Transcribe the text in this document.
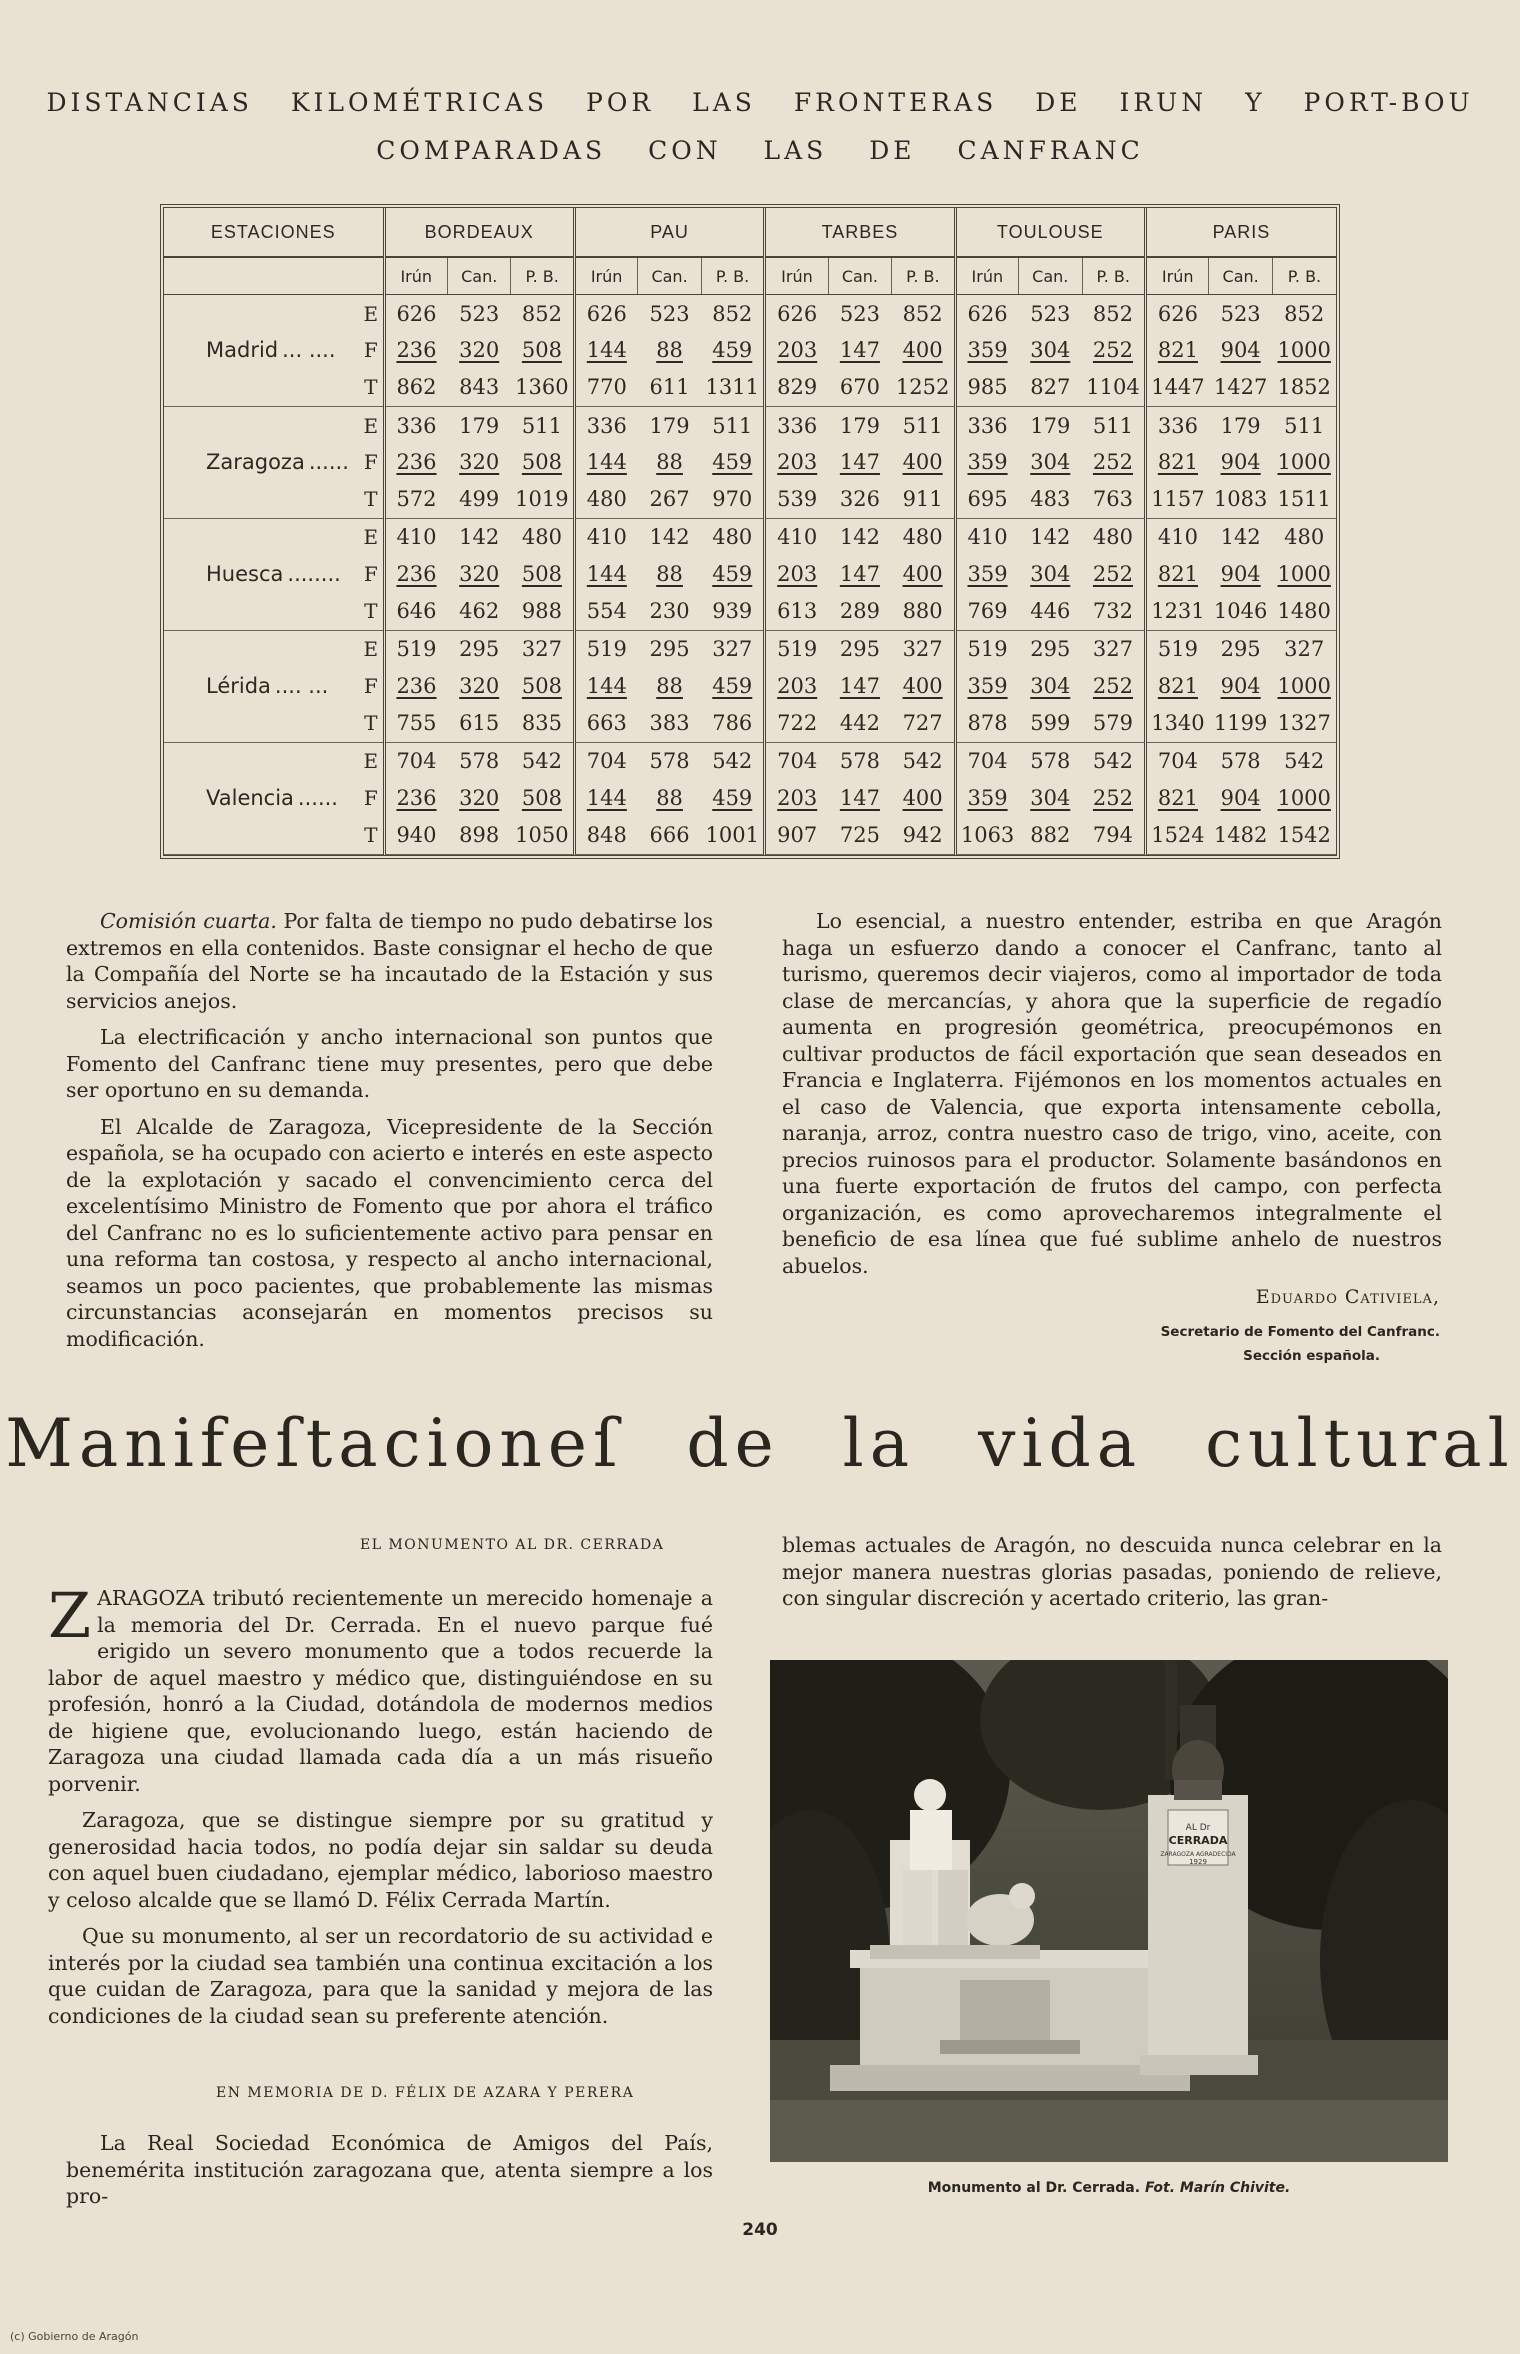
DISTANCIAS KILOMÉTRICAS POR LAS FRONTERAS DE IRUN Y PORT-BOU
COMPARADAS CON LAS DE CANFRANC
ESTACIONES		BORDEAUX			PAU			TARBES			TOULOUSE			PARIS		
		Irún	Can.	P. B.	Irún	Can.	P. B.	Irún	Can.	P. B.	Irún	Can.	P. B.	Irún	Can.	P. B.
Madrid ... ....	E	626	523	852	626	523	852	626	523	852	626	523	852	626	523	852
	F	236	320	508	144	88	459	203	147	400	359	304	252	821	904	1000
	T	862	843	1360	770	611	1311	829	670	1252	985	827	1104	1447	1427	1852
Zaragoza ......	E	336	179	511	336	179	511	336	179	511	336	179	511	336	179	511
	F	236	320	508	144	88	459	203	147	400	359	304	252	821	904	1000
	T	572	499	1019	480	267	970	539	326	911	695	483	763	1157	1083	1511
Huesca ........	E	410	142	480	410	142	480	410	142	480	410	142	480	410	142	480
	F	236	320	508	144	88	459	203	147	400	359	304	252	821	904	1000
	T	646	462	988	554	230	939	613	289	880	769	446	732	1231	1046	1480
Lérida .... ...	E	519	295	327	519	295	327	519	295	327	519	295	327	519	295	327
	F	236	320	508	144	88	459	203	147	400	359	304	252	821	904	1000
	T	755	615	835	663	383	786	722	442	727	878	599	579	1340	1199	1327
Valencia ......	E	704	578	542	704	578	542	704	578	542	704	578	542	704	578	542
	F	236	320	508	144	88	459	203	147	400	359	304	252	821	904	1000
	T	940	898	1050	848	666	1001	907	725	942	1063	882	794	1524	1482	1542

Comisión cuarta. Por falta de tiempo no pudo debatirse los extremos en ella contenidos. Baste consignar el hecho de que la Compañía del Norte se ha incautado de la Estación y sus servicios anejos.

La electrificación y ancho internacional son puntos que Fomento del Canfranc tiene muy presentes, pero que debe ser oportuno en su demanda.

El Alcalde de Zaragoza, Vicepresidente de la Sección española, se ha ocupado con acierto e interés en este aspecto de la explotación y sacado el convencimiento cerca del excelentísimo Ministro de Fomento que por ahora el tráfico del Canfranc no es lo suficientemente activo para pensar en una reforma tan costosa, y respecto al ancho internacional, seamos un poco pacientes, que probablemente las mismas circunstancias aconsejarán en momentos precisos su modificación.

Lo esencial, a nuestro entender, estriba en que Aragón haga un esfuerzo dando a conocer el Canfranc, tanto al turismo, queremos decir viajeros, como al importador de toda clase de mercancías, y ahora que la superficie de regadío aumenta en progresión geométrica, preocupémonos en cultivar productos de fácil exportación que sean deseados en Francia e Inglaterra. Fijémonos en los momentos actuales en el caso de Valencia, que exporta intensamente cebolla, naranja, arroz, contra nuestro caso de trigo, vino, aceite, con precios ruinosos para el productor. Solamente basándonos en una fuerte exportación de frutos del campo, con perfecta organización, es como aprovecharemos integralmente el beneficio de esa línea que fué sublime anhelo de nuestros abuelos.

Eduardo Cativiela,
Secretario de Fomento del Canfranc.
Sección española.
Manifeſtacioneſ de la vida cultural
EL MONUMENTO AL DR. CERRADA

ZARAGOZA tributó recientemente un merecido homenaje a la memoria del Dr. Cerrada. En el nuevo parque fué erigido un severo monumento que a todos recuerde la labor de aquel maestro y médico que, distinguiéndose en su profesión, honró a la Ciudad, dotándola de modernos medios de higiene que, evolucionando luego, están haciendo de Zaragoza una ciudad llamada cada día a un más risueño porvenir.

Zaragoza, que se distingue siempre por su gratitud y generosidad hacia todos, no podía dejar sin saldar su deuda con aquel buen ciudadano, ejemplar médico, laborioso maestro y celoso alcalde que se llamó D. Félix Cerrada Martín.

Que su monumento, al ser un recordatorio de su actividad e interés por la ciudad sea también una continua excitación a los que cuidan de Zaragoza, para que la sanidad y mejora de las condiciones de la ciudad sean su preferente atención.

EN MEMORIA DE D. FÉLIX DE AZARA Y PERERA

La Real Sociedad Económica de Amigos del País, benemérita institución zaragozana que, atenta siempre a los pro-

blemas actuales de Aragón, no descuida nunca celebrar en la mejor manera nuestras glorias pasadas, poniendo de relieve, con singular discreción y acertado criterio, las gran-

AL Dr
CERRADA
ZARAGOZA AGRADECIDA
1929
Monumento al Dr. Cerrada. Fot. Marín Chivite.
240
(c) Gobierno de Aragón
